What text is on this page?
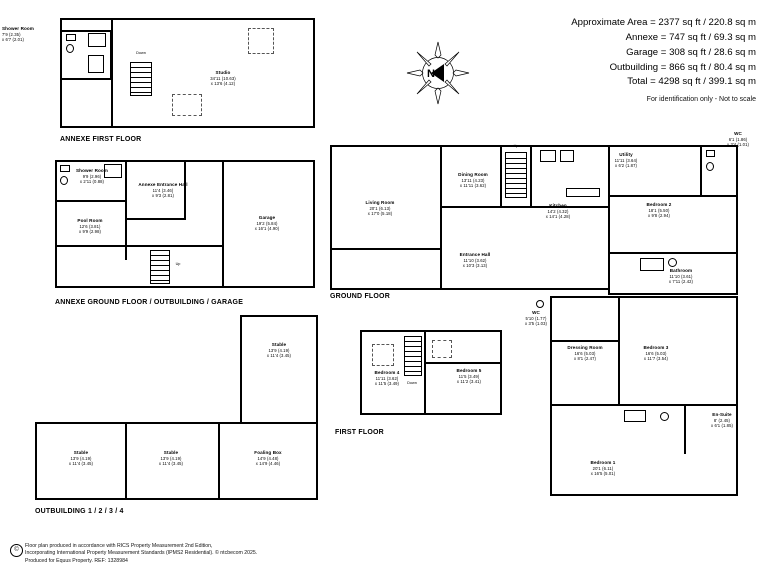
Approximate Area = 2377 sq ft / 220.8 sq m
Annexe = 747 sq ft / 69.3 sq m
Garage = 308 sq ft / 28.6 sq m
Outbuilding = 866 sq ft / 80.4 sq m
Total = 4298 sq ft / 399.1 sq m
For identification only - Not to scale
N
Down
Shower Room
7'9 (2.35)
x 6'7 (2.01)
Studio
34'11 (10.63)
x 13'6 (4.12)
ANNEXE FIRST FLOOR
Up
Shower Room
9'9 (2.96)
x 2'11 (0.88)
Annexe Entrance Hall
11'4 (3.46)
x 9'3 (2.81)
Pool Room
12'6 (3.81)
x 9'9 (2.98)
Garage
19'2 (5.84)
x 16'1 (4.90)
ANNEXE GROUND FLOOR / OUTBUILDING / GARAGE
Up
Dining Room
13'11 (4.23)
x 11'11 (3.62)
Kitchen
14'2 (4.32)
x 14'1 (4.28)
Utility
11'11 (3.64)
x 6'2 (1.87)
WC
6'1 (1.86)
x 3'4 (1.01)
Living Room
20'1 (6.13)
x 17'0 (5.18)
Entrance Hall
11'10 (3.62)
x 10'3 (3.13)
Bedroom 2
18'1 (5.50)
x 9'8 (2.94)
Bathroom
11'10 (3.61)
x 7'11 (2.42)
WC
5'10 (1.77)
x 3'5 (1.03)
Dressing Room
16'6 (5.03)
x 8'1 (2.47)
Bedroom 3
16'6 (5.03)
x 11'7 (3.54)
En-Suite
8' (2.45)
x 6'1 (1.85)
Bedroom 1
20'1 (6.11)
x 16'5 (5.01)
GROUND FLOOR
Down
Bedroom 4
11'11 (3.62)
x 11'5 (3.49)
Bedroom 5
11'5 (3.49)
x 11'2 (3.41)
FIRST FLOOR
Stable
13'9 (4.19)
x 11'4 (3.45)
Stable
13'9 (4.19)
x 11'4 (3.45)
Stable
13'9 (4.19)
x 11'4 (3.45)
Foaling Box
14'9 (4.48)
x 14'9 (4.46)
OUTBUILDING 1 / 2 / 3 / 4
©
Floor plan produced in accordance with RICS Property Measurement 2nd Edition,
Incorporating International Property Measurement Standards (IPMS2 Residential). © ntcbecom 2025.
Produced for Equus Property. REF: 1328984
